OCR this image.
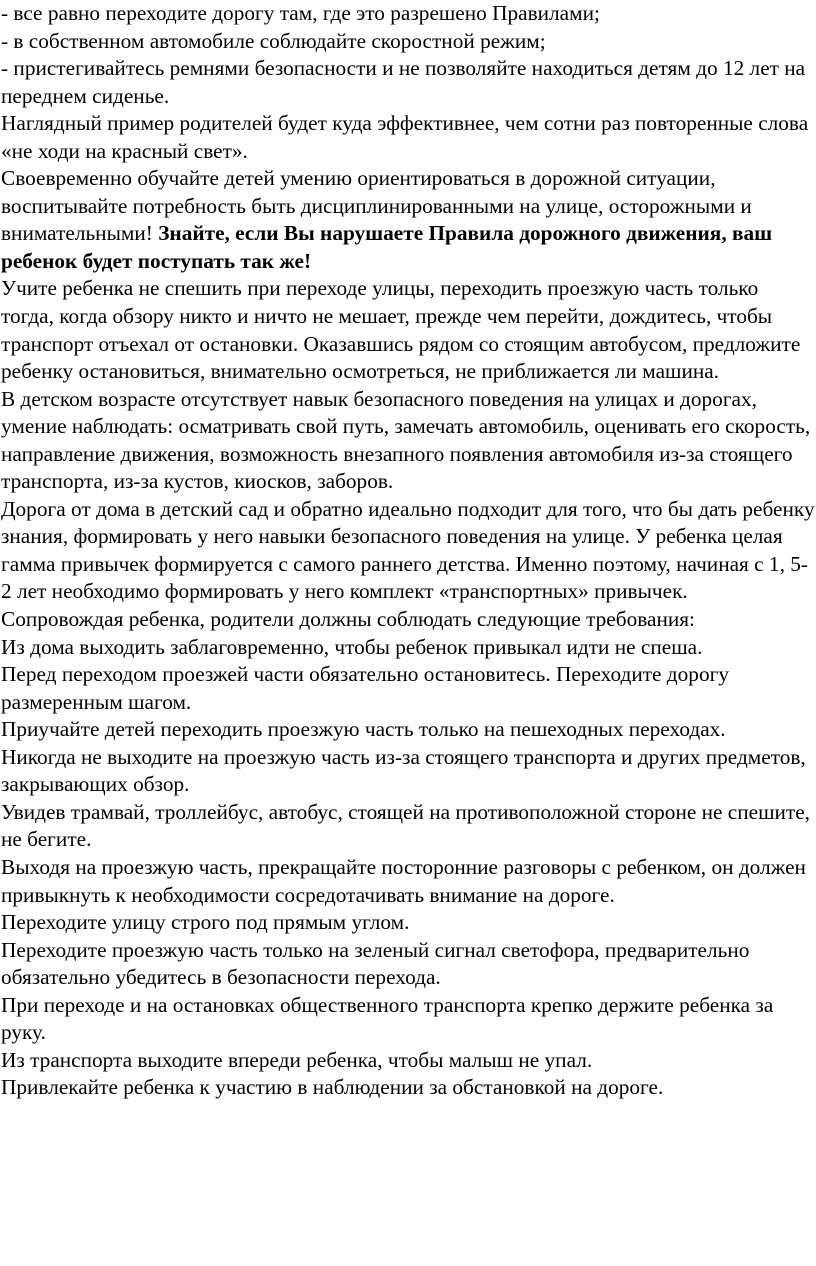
- все равно переходите дорогу там, где это разрешено Правилами;

- в собственном автомобиле соблюдайте скоростной режим;

- пристегивайтесь ремнями безопасности и не позволяйте находиться детям до 12 лет на переднем сиденье.

Наглядный пример родителей будет куда эффективнее, чем сотни раз повторенные слова «не ходи на красный свет».

Своевременно обучайте детей умению ориентироваться в дорожной ситуации, воспитывайте потребность быть дисциплинированными на улице, осторожными и внимательными! Знайте, если Вы нарушаете Правила дорожного движения, ваш ребенок будет поступать так же!

Учите ребенка не спешить при переходе улицы, переходить проезжую часть только тогда, когда обзору никто и ничто не мешает, прежде чем перейти, дождитесь, чтобы транспорт отъехал от остановки. Оказавшись рядом со стоящим автобусом, предложите ребенку остановиться, внимательно осмотреться, не приближается ли машина.

В детском возрасте отсутствует навык безопасного поведения на улицах и дорогах, умение наблюдать: осматривать свой путь, замечать автомобиль, оценивать его скорость, направление движения, возможность внезапного появления автомобиля из-за стоящего транспорта, из-за кустов, киосков, заборов.

Дорога от дома в детский сад и обратно идеально подходит для того, что бы дать ребенку знания, формировать у него навыки безопасного поведения на улице. У ребенка целая гамма привычек формируется с самого раннего детства. Именно поэтому, начиная с 1, 5-2 лет необходимо формировать у него комплект «транспортных» привычек.

Сопровождая ребенка, родители должны соблюдать следующие требования:

Из дома выходить заблаговременно, чтобы ребенок привыкал идти не спеша.

Перед переходом проезжей части обязательно остановитесь. Переходите дорогу размеренным шагом.

Приучайте детей переходить проезжую часть только на пешеходных переходах.

Никогда не выходите на проезжую часть из-за стоящего транспорта и других предметов, закрывающих обзор.

Увидев трамвай, троллейбус, автобус, стоящей на противоположной стороне не спешите, не бегите.

Выходя на проезжую часть, прекращайте посторонние разговоры с ребенком, он должен привыкнуть к необходимости сосредотачивать внимание на дороге.

Переходите улицу строго под прямым углом.

Переходите проезжую часть только на зеленый сигнал светофора, предварительно обязательно убедитесь в безопасности перехода.

При переходе и на остановках общественного транспорта крепко держите ребенка за руку.

Из транспорта выходите впереди ребенка, чтобы малыш не упал.

Привлекайте ребенка к участию в наблюдении за обстановкой на дороге.
